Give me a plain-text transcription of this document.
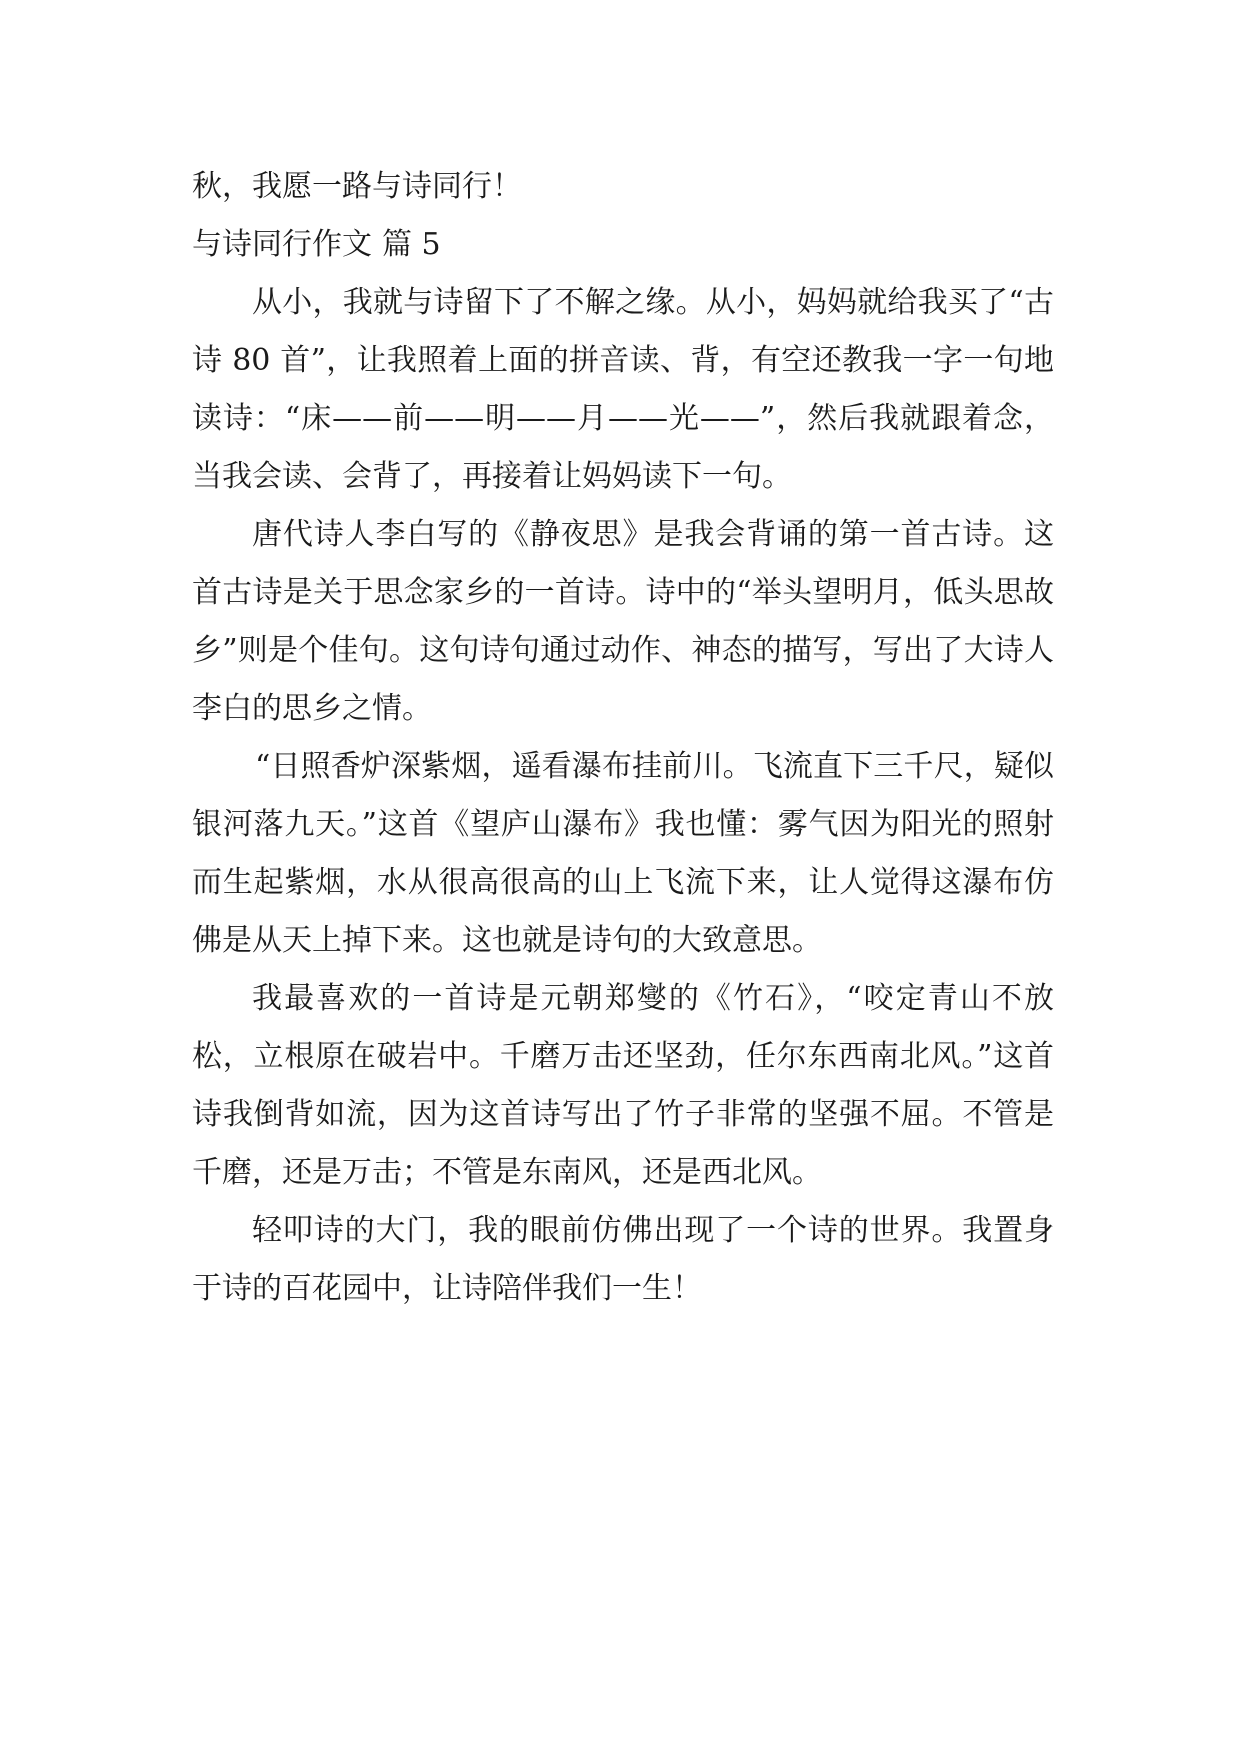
秋，我愿一路与诗同行！
与诗同行作文 篇 5

从小，我就与诗留下了不解之缘。从小，妈妈就给我买了“古诗 80 首”，让我照着上面的拼音读、背，有空还教我一字一句地读诗：“床——前——明——月——光——”，然后我就跟着念，当我会读、会背了，再接着让妈妈读下一句。

唐代诗人李白写的《静夜思》是我会背诵的第一首古诗。这首古诗是关于思念家乡的一首诗。诗中的“举头望明月，低头思故乡”则是个佳句。这句诗句通过动作、神态的描写，写出了大诗人李白的思乡之情。

“日照香炉深紫烟，遥看瀑布挂前川。飞流直下三千尺，疑似银河落九天。”这首《望庐山瀑布》我也懂：雾气因为阳光的照射而生起紫烟，水从很高很高的山上飞流下来，让人觉得这瀑布仿佛是从天上掉下来。这也就是诗句的大致意思。

我最喜欢的一首诗是元朝郑燮的《竹石》，“咬定青山不放松，立根原在破岩中。千磨万击还坚劲，任尔东西南北风。”这首诗我倒背如流，因为这首诗写出了竹子非常的坚强不屈。不管是千磨，还是万击；不管是东南风，还是西北风。

轻叩诗的大门，我的眼前仿佛出现了一个诗的世界。我置身于诗的百花园中，让诗陪伴我们一生！
